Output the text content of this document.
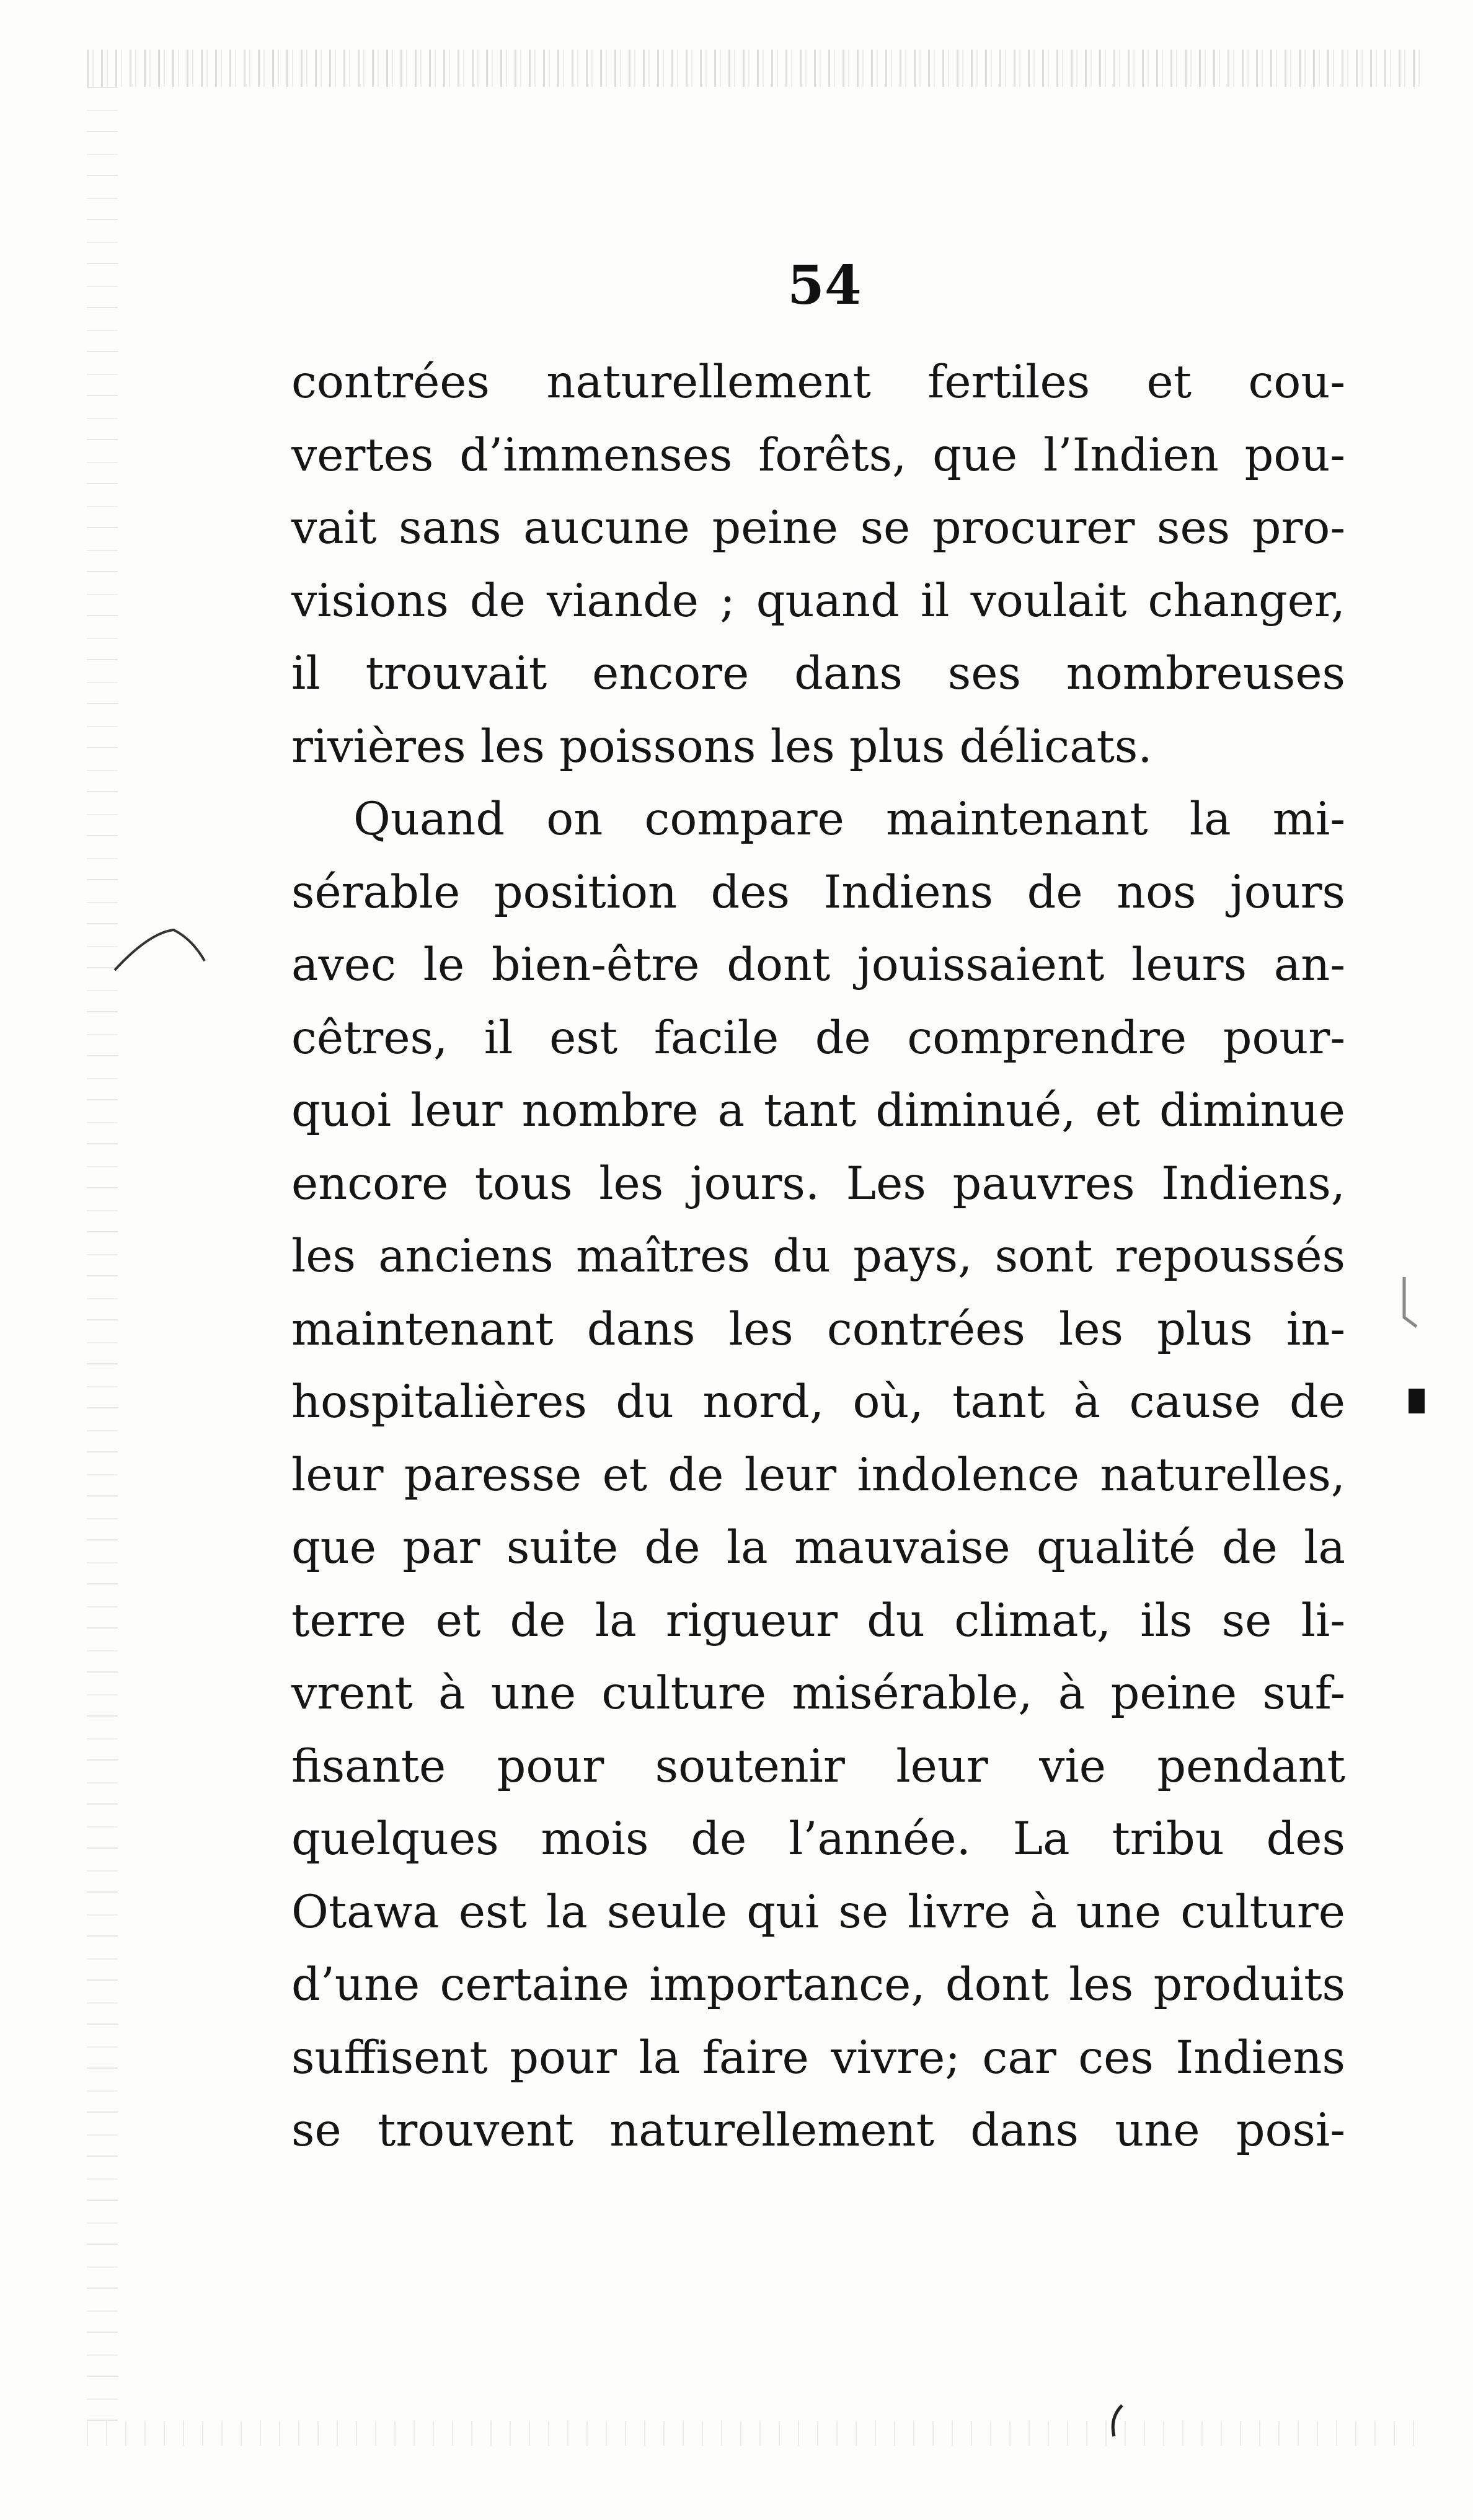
54
contrées naturellement fertiles et cou-
vertes d’immenses forêts, que l’Indien pou-
vait sans aucune peine se procurer ses pro-
visions de viande ; quand il voulait changer,
il trouvait encore dans ses nombreuses
rivières les poissons les plus délicats.
Quand on compare maintenant la mi-
sérable position des Indiens de nos jours
avec le bien-être dont jouissaient leurs an-
cêtres, il est facile de comprendre pour-
quoi leur nombre a tant diminué, et diminue
encore tous les jours. Les pauvres Indiens,
les anciens maîtres du pays, sont repoussés
maintenant dans les contrées les plus in-
hospitalières du nord, où, tant à cause de
leur paresse et de leur indolence naturelles,
que par suite de la mauvaise qualité de la
terre et de la rigueur du climat, ils se li-
vrent à une culture misérable, à peine suf-
fisante pour soutenir leur vie pendant
quelques mois de l’année. La tribu des
Otawa est la seule qui se livre à une culture
d’une certaine importance, dont les produits
suffisent pour la faire vivre; car ces Indiens
se trouvent naturellement dans une posi-
